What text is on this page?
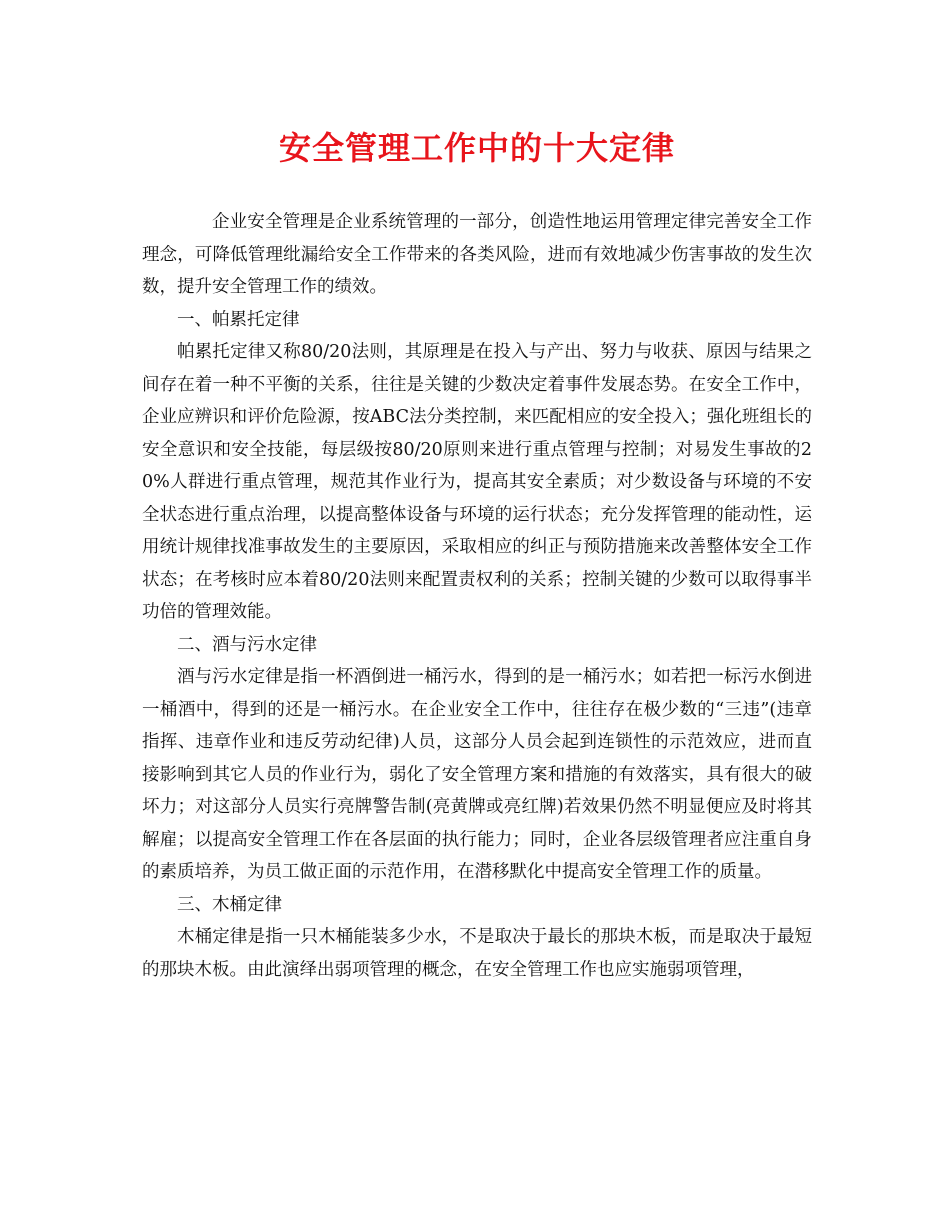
安全管理工作中的十大定律

企业安全管理是企业系统管理的一部分，创造性地运用管理定律完善安全工作理念，可降低管理纰漏给安全工作带来的各类风险，进而有效地减少伤害事故的发生次数，提升安全管理工作的绩效。

一、帕累托定律

帕累托定律又称80/20法则，其原理是在投入与产出、努力与收获、原因与结果之间存在着一种不平衡的关系，往往是关键的少数决定着事件发展态势。在安全工作中，企业应辨识和评价危险源，按ABC法分类控制，来匹配相应的安全投入；强化班组长的安全意识和安全技能，每层级按80/20原则来进行重点管理与控制；对易发生事故的20%人群进行重点管理，规范其作业行为，提高其安全素质；对少数设备与环境的不安全状态进行重点治理，以提高整体设备与环境的运行状态；充分发挥管理的能动性，运用统计规律找准事故发生的主要原因，采取相应的纠正与预防措施来改善整体安全工作状态；在考核时应本着80/20法则来配置责权利的关系；控制关键的少数可以取得事半功倍的管理效能。

二、酒与污水定律

酒与污水定律是指一杯酒倒进一桶污水，得到的是一桶污水；如若把一标污水倒进一桶酒中，得到的还是一桶污水。在企业安全工作中，往往存在极少数的“三违”(违章指挥、违章作业和违反劳动纪律)人员，这部分人员会起到连锁性的示范效应，进而直接影响到其它人员的作业行为，弱化了安全管理方案和措施的有效落实，具有很大的破坏力；对这部分人员实行亮牌警告制(亮黄牌或亮红牌)若效果仍然不明显便应及时将其解雇；以提高安全管理工作在各层面的执行能力；同时，企业各层级管理者应注重自身的素质培养，为员工做正面的示范作用，在潜移默化中提高安全管理工作的质量。

三、木桶定律

木桶定律是指一只木桶能装多少水，不是取决于最长的那块木板，而是取决于最短的那块木板。由此演绎出弱项管理的概念，在安全管理工作也应实施弱项管理，
